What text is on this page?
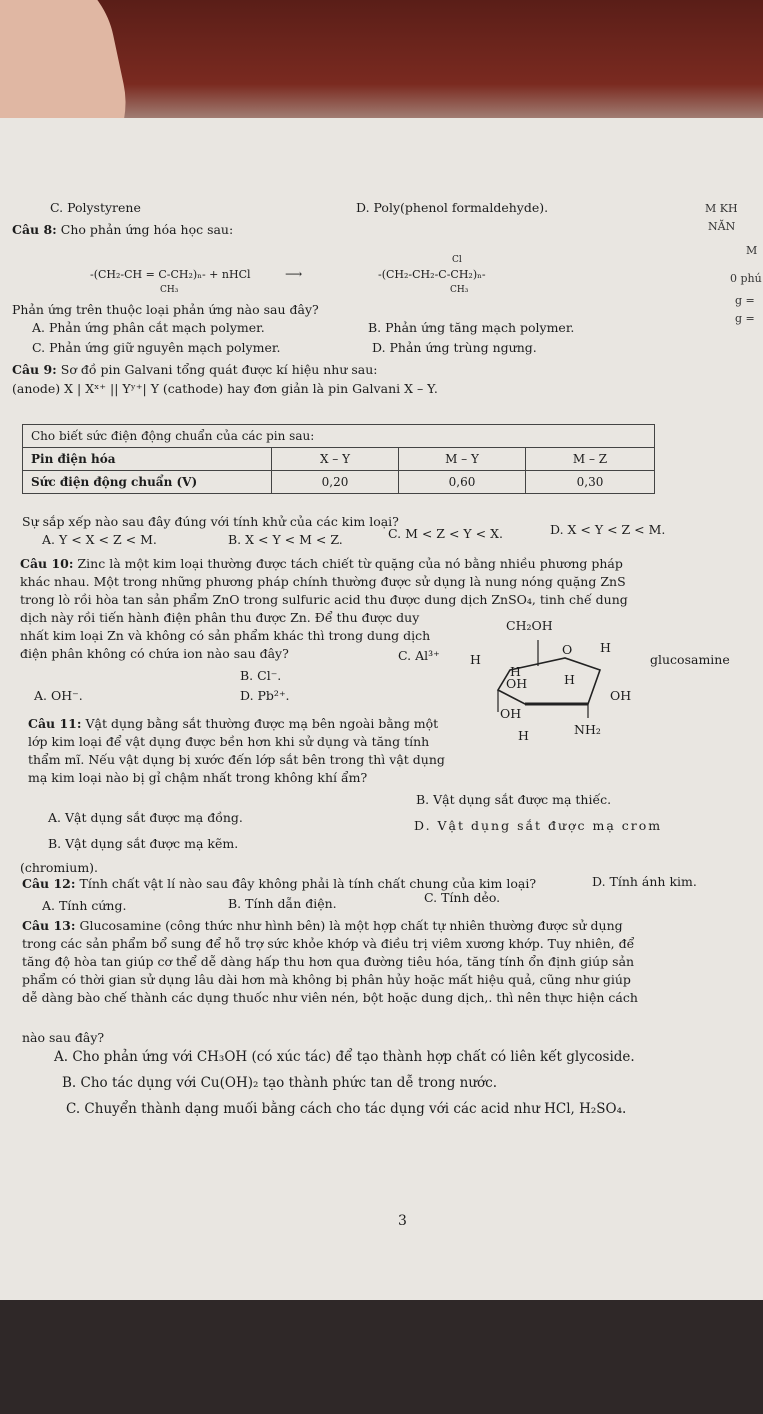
C. Polystyrene	D. Poly(phenol formaldehyde).	M KH
NĂN
M
0 phú
g =
g =
Câu 8: Cho phản ứng hóa học sau:
-(CH₂-CH = C-CH₂)ₙ- + nHCl
CH₃
⟶	-(CH₂-CH₂-C-CH₂)ₙ-
Cl
CH₃
Phản ứng trên thuộc loại phản ứng nào sau đây?
A. Phản ứng phân cắt mạch polymer.	B. Phản ứng tăng mạch polymer.
C. Phản ứng giữ nguyên mạch polymer.	D. Phản ứng trùng ngưng.
Câu 9: Sơ đồ pin Galvani tổng quát được kí hiệu như sau:
(anode) X | Xˣ⁺ || Yʸ⁺| Y (cathode) hay đơn giản là pin Galvani X – Y.
Cho biết sức điện động chuẩn của các pin sau:			
Pin điện hóa	X – Y	M – Y	M – Z
Sức điện động chuẩn (V)	0,20	0,60	0,30
Sự sắp xếp nào sau đây đúng với tính khử của các kim loại?
A. Y < X < Z < M.	B. X < Y < M < Z.	C. M < Z < Y < X.	D. X < Y < Z < M.
Câu 10: Zinc là một kim loại thường được tách chiết từ quặng của nó bằng nhiều phương pháp
khác nhau. Một trong những phương pháp chính thường được sử dụng là nung nóng quặng ZnS
trong lò rồi hòa tan sản phẩm ZnO trong sulfuric acid thu được dung dịch ZnSO₄, tinh chế dung
dịch này rồi tiến hành điện phân thu được Zn. Để thu được duy
nhất kim loại Zn và không có sản phẩm khác thì trong dung dịch
điện phân không có chứa ion nào sau đây?
A. OH⁻.
B. Cl⁻.
C. Al³⁺
D. Pb²⁺.
CH₂OH
O H
H
H
OH	H
OH
OH
H	NH₂
glucosamine
Câu 11: Vật dụng bằng sắt thường được mạ bên ngoài bằng một
lớp kim loại để vật dụng được bền hơn khi sử dụng và tăng tính
thẩm mĩ. Nếu vật dụng bị xước đến lớp sắt bên trong thì vật dụng
mạ kim loại nào bị gỉ chậm nhất trong không khí ẩm?
A. Vật dụng sắt được mạ đồng.
B. Vật dụng sắt được mạ thiếc.
B. Vật dụng sắt được mạ kẽm.
D. Vật dụng sắt được mạ crom
(chromium).
Câu 12: Tính chất vật lí nào sau đây không phải là tính chất chung của kim loại?
A. Tính cứng.	B. Tính dẫn điện.	C. Tính dẻo.
D. Tính ánh kim.
Câu 13: Glucosamine (công thức như hình bên) là một hợp chất tự nhiên thường được sử dụng
trong các sản phẩm bổ sung để hỗ trợ sức khỏe khớp và điều trị viêm xương khớp. Tuy nhiên, để
tăng độ hòa tan giúp cơ thể dễ dàng hấp thu hơn qua đường tiêu hóa, tăng tính ổn định giúp sản
phẩm có thời gian sử dụng lâu dài hơn mà không bị phân hủy hoặc mất hiệu quả, cũng như giúp
dễ dàng bào chế thành các dụng thuốc như viên nén, bột hoặc dung dịch,. thì nên thực hiện cách
nào sau đây?
A. Cho phản ứng với CH₃OH (có xúc tác) để tạo thành hợp chất có liên kết glycoside.
B. Cho tác dụng với Cu(OH)₂ tạo thành phức tan dễ trong nước.
C. Chuyển thành dạng muối bằng cách cho tác dụng với các acid như HCl, H₂SO₄.
3
